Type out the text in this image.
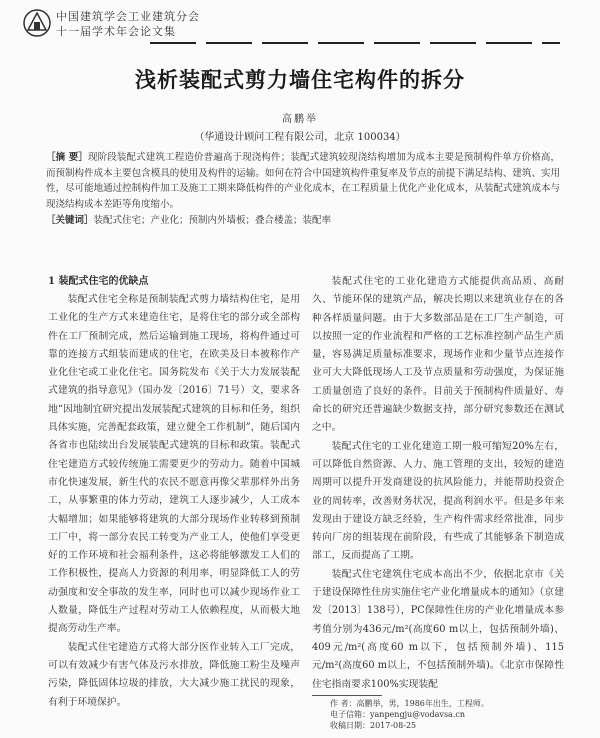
中国建筑学会工业建筑分会
十一届学术年会论文集
浅析装配式剪力墙住宅构件的拆分
高鹏举
（华通设计顾问工程有限公司，北京 100034）
［摘 要］现阶段装配式建筑工程造价普遍高于现浇构件；装配式建筑较现浇结构增加为成本主要是预制构件单方价格高，而预制构件成本主要包含模具的使用及构件的运输。如何在符合中国建筑构件重复率及节点的前提下满足结构、建筑、实用性，尽可能地通过控制构件加工及施工工期来降低构件的产业化成本，在工程质量上优化产业化成本，从装配式建筑成本与现浇结构成本差距等角度缩小。
［关键词］装配式住宅；产业化；预制内外墙板；叠合楼盖；装配率
1 装配式住宅的优缺点

装配式住宅全称是预制装配式剪力墙结构住宅，是用工业化的生产方式来建造住宅，是将住宅的部分或全部构件在工厂预制完成，然后运输到施工现场，将构件通过可靠的连接方式组装而建成的住宅，在欧美及日本被称作产业化住宅或工业化住宅。国务院发布《关于大力发展装配式建筑的指导意见》（国办发〔2016〕71号）文，要求各地“因地制宜研究提出发展装配式建筑的目标和任务，组织具体实施，完善配套政策，建立健全工作机制”，随后国内各省市也陆续出台发展装配式建筑的目标和政策。装配式住宅建造方式较传统施工需要更少的劳动力。随着中国城市化快速发展，新生代的农民不愿意再像父辈那样外出务工，从事繁重的体力劳动，建筑工人逐步减少，人工成本大幅增加；如果能够将建筑的大部分现场作业转移到预制工厂中，将一部分农民工转变为产业工人，使他们享受更好的工作环境和社会福利条件，这必将能够激发工人们的工作积极性，提高人力资源的利用率，明显降低工人的劳动强度和安全事故的发生率，同时也可以减少现场作业工人数量，降低生产过程对劳动工人依赖程度，从而极大地提高劳动生产率。

装配式住宅建造方式将大部分医作业转入工厂完成，可以有效减少有害气体及污水排放，降低施工粉尘及噪声污染，降低固体垃圾的排放，大大减少施工扰民的现象，有利于环境保护。

装配式住宅的工业化建造方式能提供高品质、高耐久、节能环保的建筑产品，解决长期以来建筑业存在的各种各样质量问题。由于大多数部品是在工厂生产制造，可以按照一定的作业流程和严格的工艺标准控制产品生产质量，容易满足质量标准要求，现场作业和少量节点连接作业可大大降低现场人工及节点质量和劳动强度，为保证施工质量创造了良好的条件。目前关于预制构件质量好、寿命长的研究还普遍缺少数据支持，部分研究参数还在测试之中。

装配式住宅的工业化建造工期一般可缩短20%左右，可以降低自然资源、人力、施工管理的支出，较短的建造周期可以提升开发商建设的抗风险能力，并能帮助投资企业的周转率，改善财务状况，提高利润水平。但是多年来发现由于建设方缺乏经验，生产构件需求经常批准，同步转向厂房的组装现在前阶段，有些成了其能够条下制造成部工，反而提高了工期。

装配式住宅建筑住宅成本高出不少，依据北京市《关于建设保障性住房实施住宅产业化增量成本的通知》（京建发〔2013〕138号），PC保障性住房的产业化增量成本参考值分别为436元/m²(高度60 m以上，包括预制外墙)、409元/m²(高度60 m以下，包括预制外墙)、115元/m²(高度60 m以上，不包括预制外墙)。《北京市保障性住宅指南要求100%实现装配

作 者：高鹏举，男，1986年出生，工程师。
电子信箱：yanpengju@vodavsa.cn
收稿日期：2017-08-25
